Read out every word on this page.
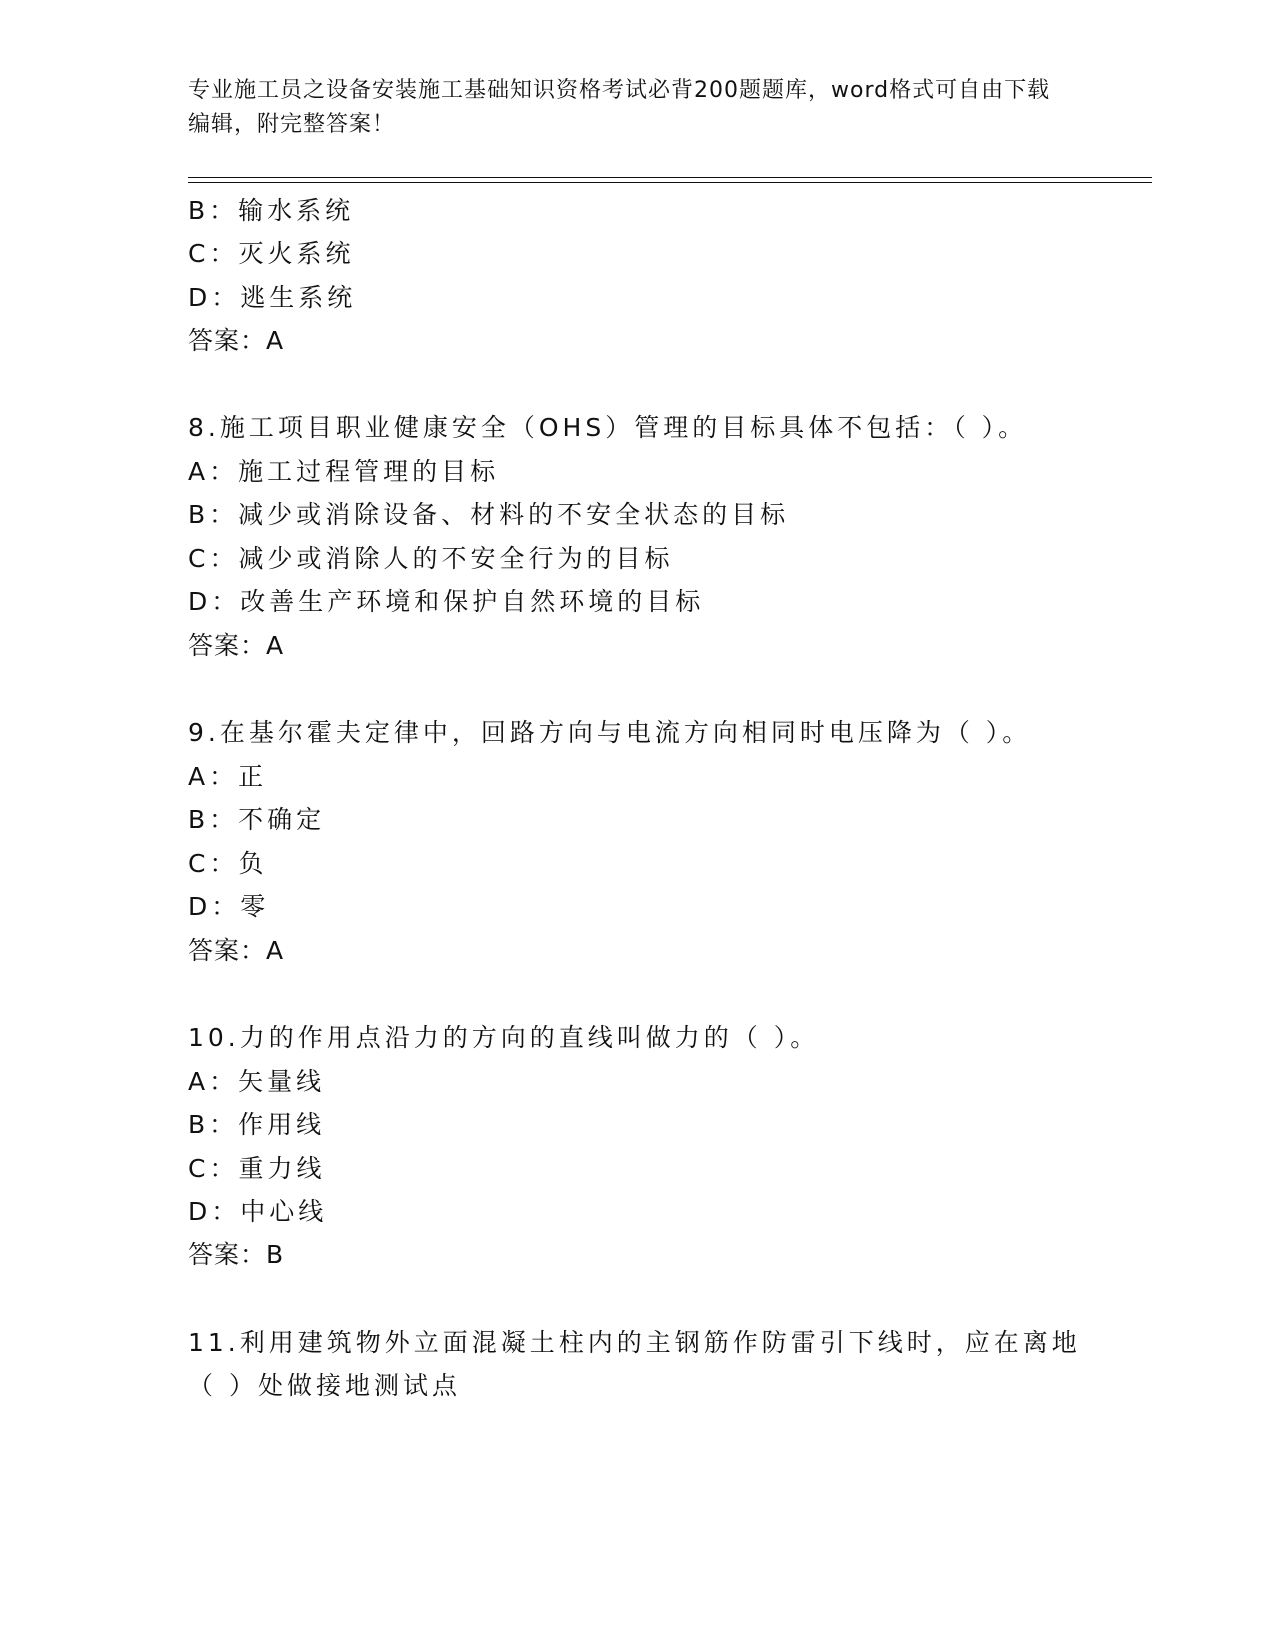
专业施工员之设备安装施工基础知识资格考试必背200题题库，word格式可自由下载编辑，附完整答案！
B：输水系统
C：灭火系统
D：逃生系统
答案：A
8.施工项目职业健康安全（OHS）管理的目标具体不包括：（ ）。
A：施工过程管理的目标
B：减少或消除设备、材料的不安全状态的目标
C：减少或消除人的不安全行为的目标
D：改善生产环境和保护自然环境的目标
答案：A
9.在基尔霍夫定律中，回路方向与电流方向相同时电压降为（ ）。
A：正
B：不确定
C：负
D：零
答案：A
10.力的作用点沿力的方向的直线叫做力的（ ）。
A：矢量线
B：作用线
C：重力线
D：中心线
答案：B
11.利用建筑物外立面混凝土柱内的主钢筋作防雷引下线时，应在离地
（ ）处做接地测试点
